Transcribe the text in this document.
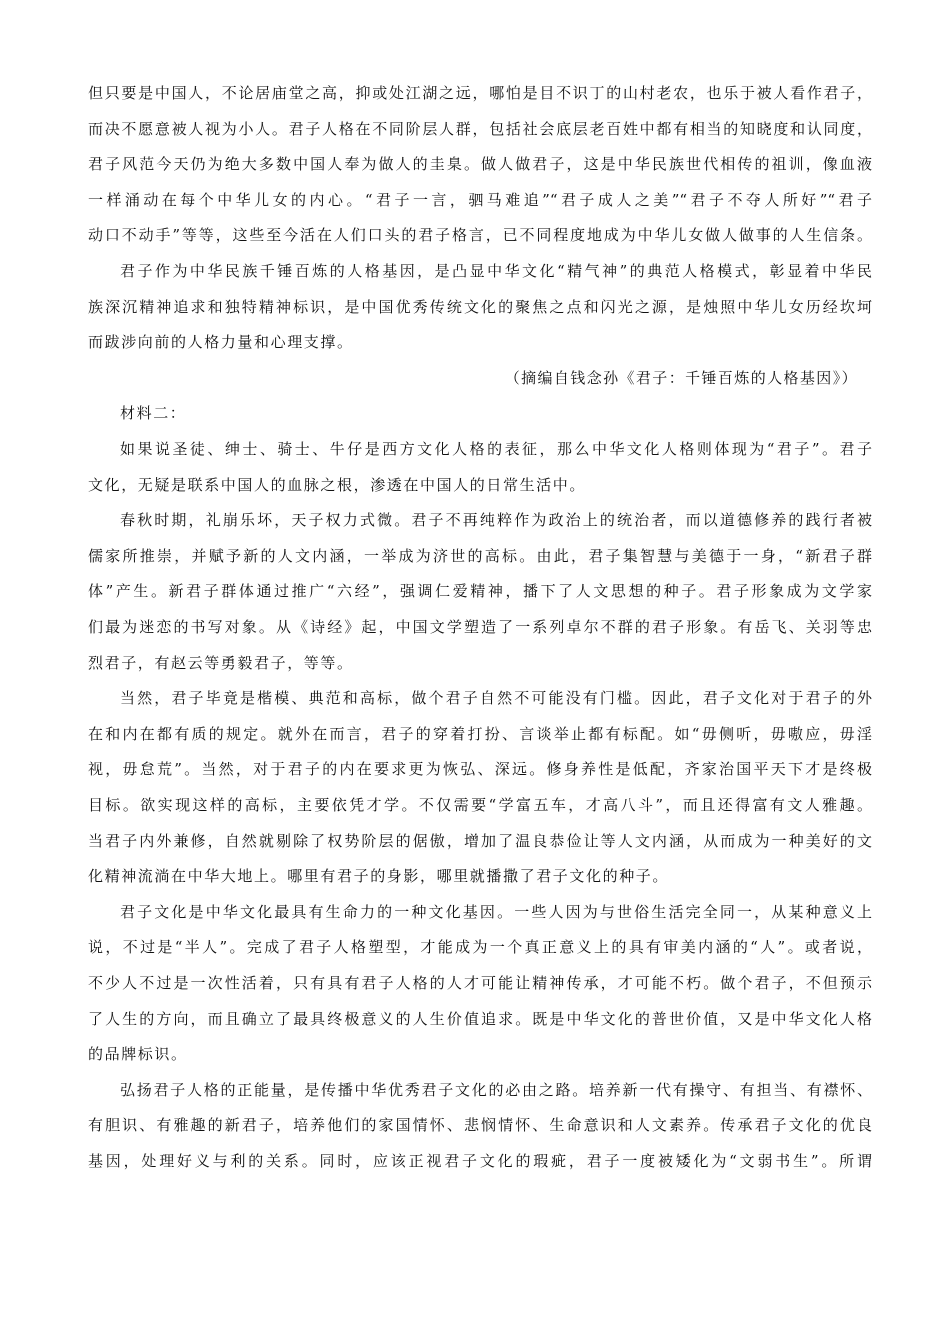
但只要是中国人，不论居庙堂之高，抑或处江湖之远，哪怕是目不识丁的山村老农，也乐于被人看作君子，
而决不愿意被人视为小人。君子人格在不同阶层人群，包括社会底层老百姓中都有相当的知晓度和认同度，
君子风范今天仍为绝大多数中国人奉为做人的圭臬。做人做君子，这是中华民族世代相传的祖训，像血液
一样涌动在每个中华儿女的内心。“君子一言，驷马难追”“君子成人之美”“君子不夺人所好”“君子
动口不动手”等等，这些至今活在人们口头的君子格言，已不同程度地成为中华儿女做人做事的人生信条。
君子作为中华民族千锤百炼的人格基因，是凸显中华文化“精气神”的典范人格模式，彰显着中华民
族深沉精神追求和独特精神标识，是中国优秀传统文化的聚焦之点和闪光之源，是烛照中华儿女历经坎坷
而跋涉向前的人格力量和心理支撑。
（摘编自钱念孙《君子：千锤百炼的人格基因》）
材料二：
如果说圣徒、绅士、骑士、牛仔是西方文化人格的表征，那么中华文化人格则体现为“君子”。君子
文化，无疑是联系中国人的血脉之根，渗透在中国人的日常生活中。
春秋时期，礼崩乐坏，天子权力式微。君子不再纯粹作为政治上的统治者，而以道德修养的践行者被
儒家所推崇，并赋予新的人文内涵，一举成为济世的高标。由此，君子集智慧与美德于一身，“新君子群
体”产生。新君子群体通过推广“六经”，强调仁爱精神，播下了人文思想的种子。君子形象成为文学家
们最为迷恋的书写对象。从《诗经》起，中国文学塑造了一系列卓尔不群的君子形象。有岳飞、关羽等忠
烈君子，有赵云等勇毅君子，等等。
当然，君子毕竟是楷模、典范和高标，做个君子自然不可能没有门槛。因此，君子文化对于君子的外
在和内在都有质的规定。就外在而言，君子的穿着打扮、言谈举止都有标配。如“毋侧听，毋嗷应，毋淫
视，毋怠荒”。当然，对于君子的内在要求更为恢弘、深远。修身养性是低配，齐家治国平天下才是终极
目标。欲实现这样的高标，主要依凭才学。不仅需要“学富五车，才高八斗”，而且还得富有文人雅趣。
当君子内外兼修，自然就剔除了权势阶层的倨傲，增加了温良恭俭让等人文内涵，从而成为一种美好的文
化精神流淌在中华大地上。哪里有君子的身影，哪里就播撒了君子文化的种子。
君子文化是中华文化最具有生命力的一种文化基因。一些人因为与世俗生活完全同一，从某种意义上
说，不过是“半人”。完成了君子人格塑型，才能成为一个真正意义上的具有审美内涵的“人”。或者说，
不少人不过是一次性活着，只有具有君子人格的人才可能让精神传承，才可能不朽。做个君子，不但预示
了人生的方向，而且确立了最具终极意义的人生价值追求。既是中华文化的普世价值，又是中华文化人格
的品牌标识。
弘扬君子人格的正能量，是传播中华优秀君子文化的必由之路。培养新一代有操守、有担当、有襟怀、
有胆识、有雅趣的新君子，培养他们的家国情怀、悲悯情怀、生命意识和人文素养。传承君子文化的优良
基因，处理好义与利的关系。同时，应该正视君子文化的瑕疵，君子一度被矮化为“文弱书生”。所谓
